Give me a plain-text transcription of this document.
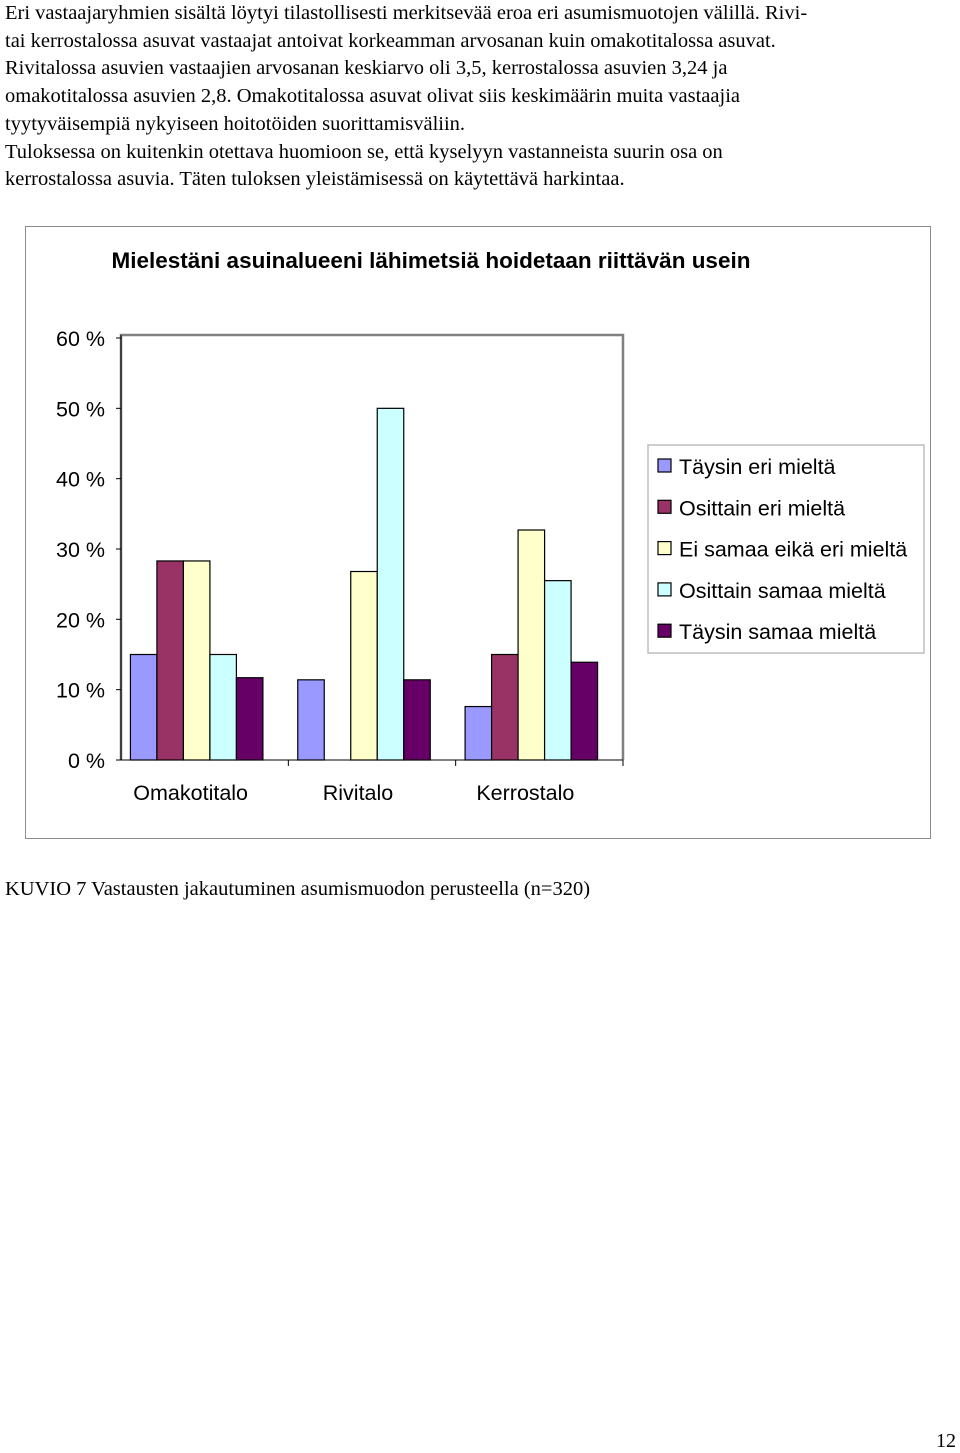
Eri vastaajaryhmien sisältä löytyi tilastollisesti merkitsevää eroa eri asumismuotojen välillä. Rivi-

tai kerrostalossa asuvat vastaajat antoivat korkeamman arvosanan kuin omakotitalossa asuvat.

Rivitalossa asuvien vastaajien arvosanan keskiarvo oli 3,5, kerrostalossa asuvien 3,24 ja

omakotitalossa asuvien 2,8. Omakotitalossa asuvat olivat siis keskimäärin muita vastaajia

tyytyväisempiä nykyiseen hoitotöiden suorittamisväliin.

Tuloksessa on kuitenkin otettava huomioon se, että kyselyyn vastanneista suurin osa on

kerrostalossa asuvia. Täten tuloksen yleistämisessä on käytettävä harkintaa.

Mielestäni asuinalueeni lähimetsiä hoidetaan riittävän usein
0 %
10 %
20 %
30 %
40 %
50 %
60 %
Omakotitalo	Rivitalo	Kerrostalo
Täysin eri mieltä
Osittain eri mieltä
Ei samaa eikä eri mieltä
Osittain samaa mieltä
Täysin samaa mieltä
KUVIO 7 Vastausten jakautuminen asumismuodon perusteella (n=320)
12
